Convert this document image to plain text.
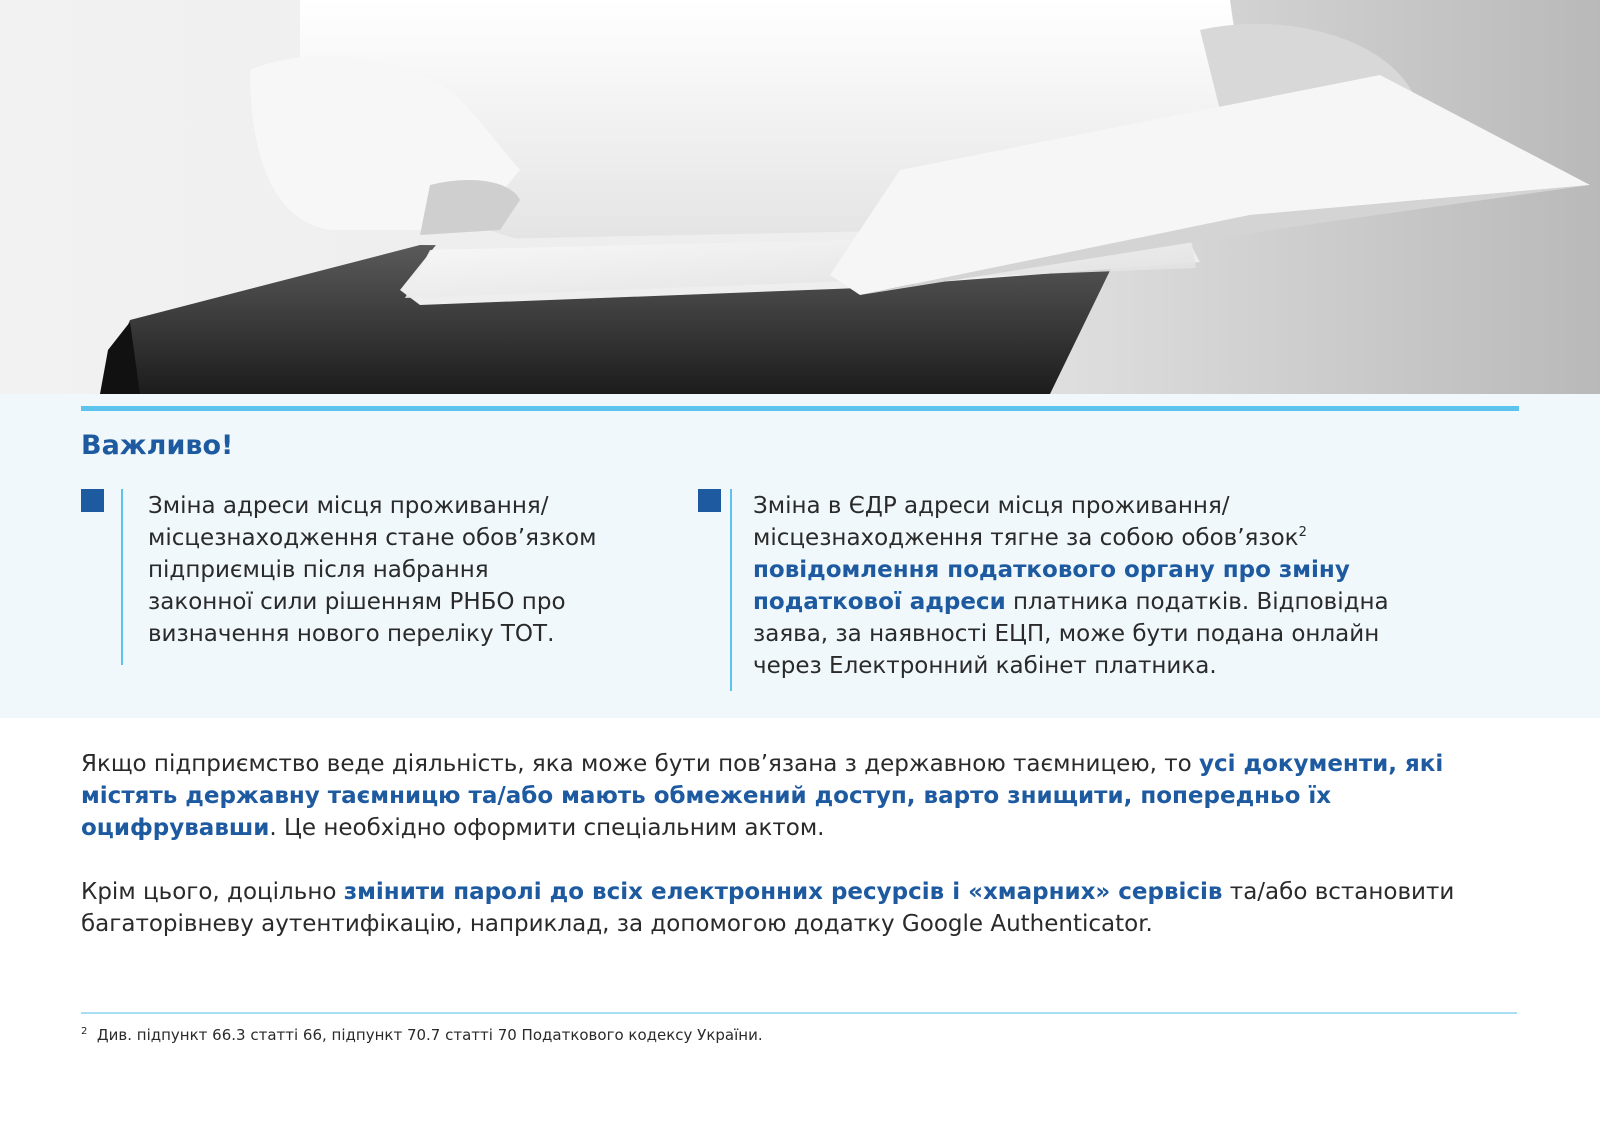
Важливо!

Зміна адреси місця проживання/
місцезнаходження стане обов’язком
підприємців після набрання
законної сили рішенням РНБО про
визначення нового переліку ТОТ.

Зміна в ЄДР адреси місця проживання/
місцезнаходження тягне за собою обов’язок$^2$
повідомлення податкового органу про зміну
податкової адреси платника податків. Відповідна
заява, за наявності ЕЦП, може бути подана онлайн
через Електронний кабінет платника.

Якщо підприємство веде діяльність, яка може бути пов’язана з державною таємницею, то усі документи, які містять державну таємницю та/або мають обмежений доступ, варто знищити, попередньо їх оцифрувавши. Це необхідно оформити спеціальним актом.

Крім цього, доцільно змінити паролі до всіх електронних ресурсів і «хмарних» сервісів та/або встановити багаторівневу аутентифікацію, наприклад, за допомогою додатку Google Authenticator.

$^2$ Див. підпункт 66.3 статті 66, підпункт 70.7 статті 70 Податкового кодексу України.
